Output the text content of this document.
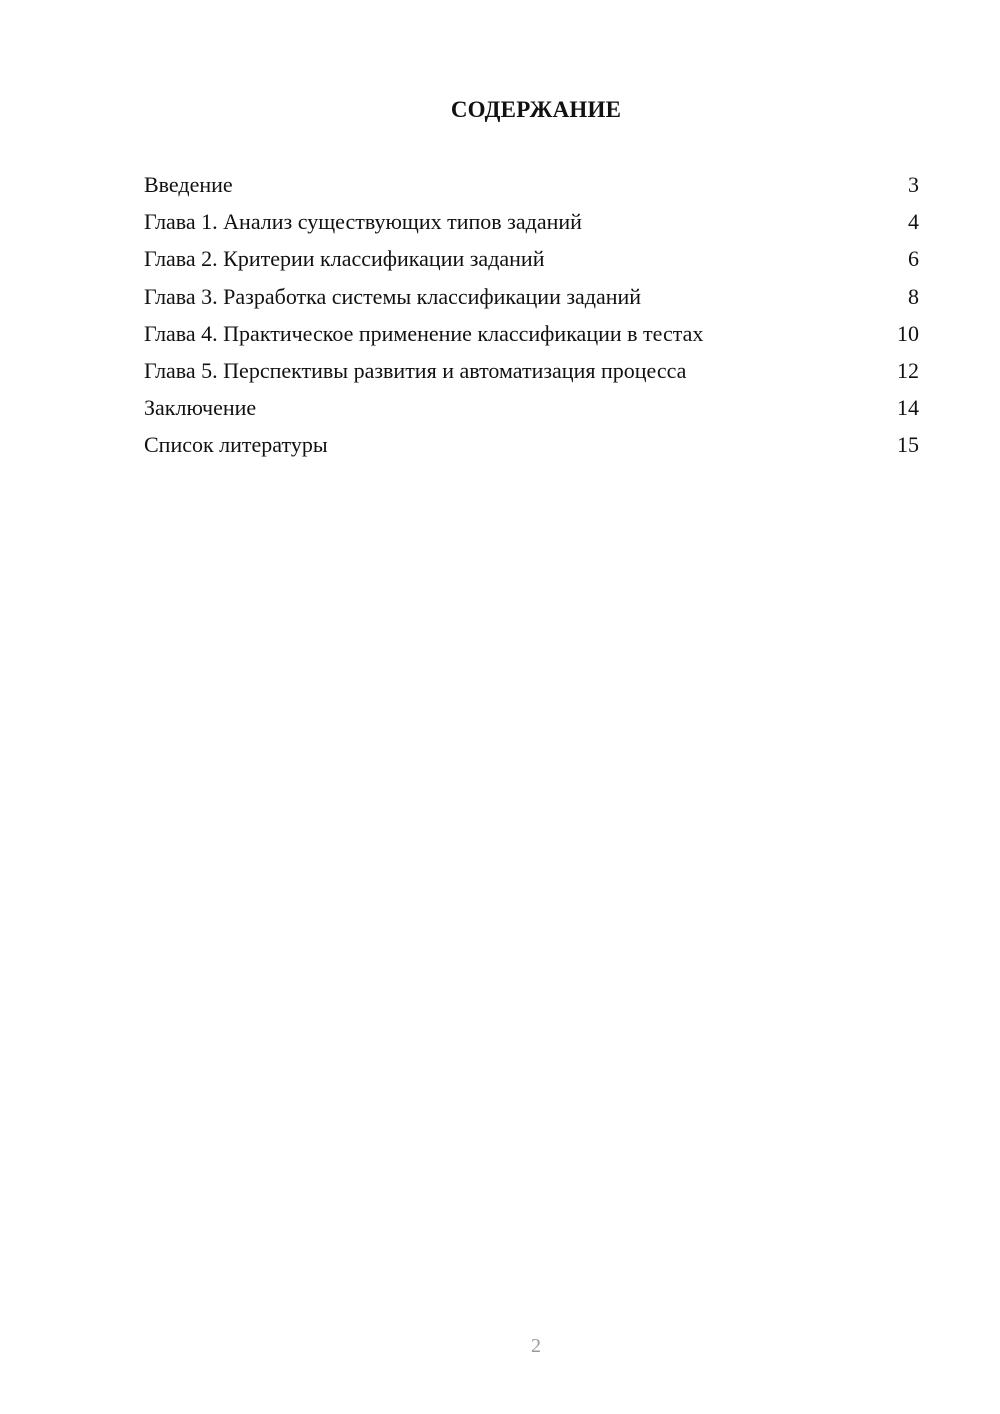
СОДЕРЖАНИЕ
Введение	3
Глава 1. Анализ существующих типов заданий	4
Глава 2. Критерии классификации заданий	6
Глава 3. Разработка системы классификации заданий	8
Глава 4. Практическое применение классификации в тестах	10
Глава 5. Перспективы развития и автоматизация процесса	12
Заключение	14
Список литературы	15
2
